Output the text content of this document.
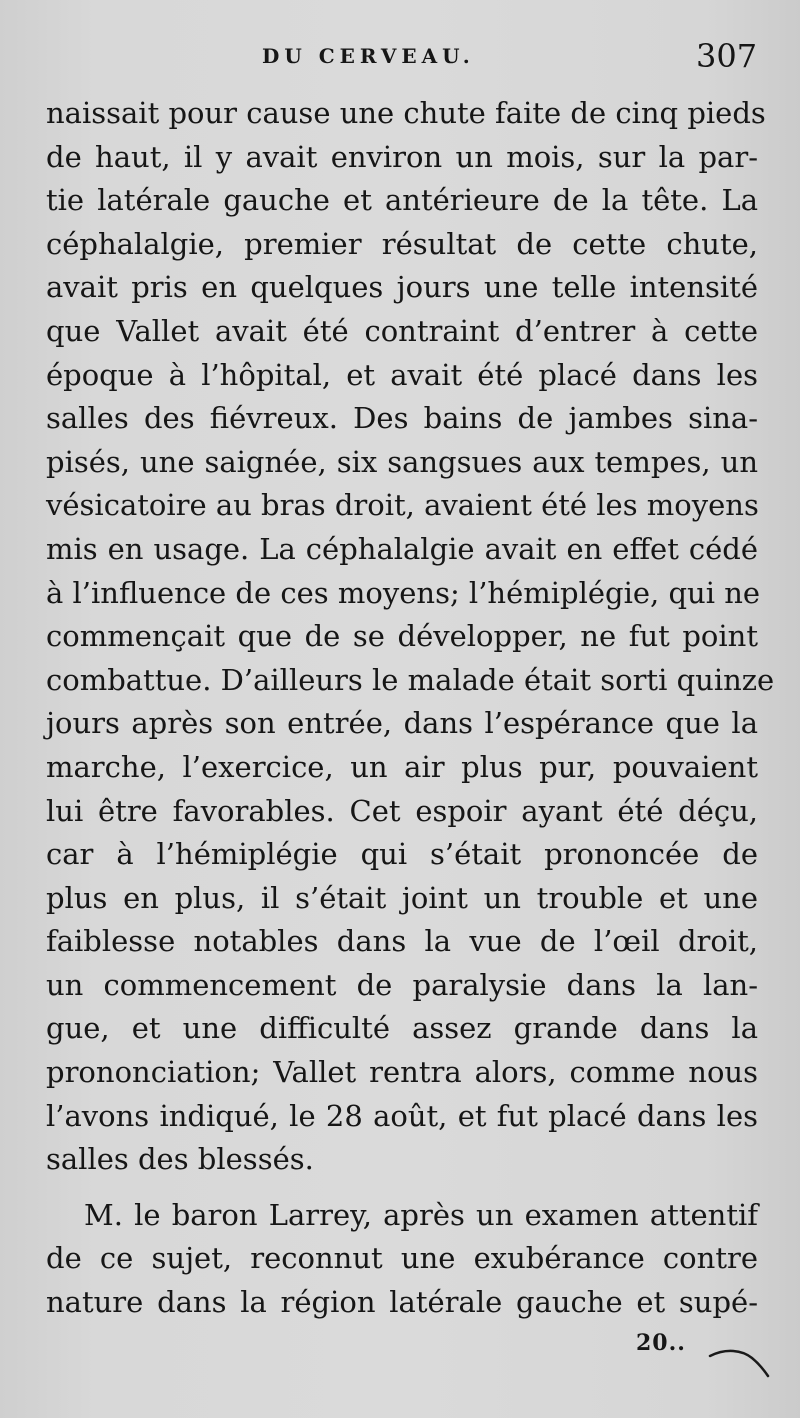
DU CERVEAU.	307
naissait pour cause une chute faite de cinq pieds
de haut, il y avait environ un mois, sur la par-
tie latérale gauche et antérieure de la tête. La
céphalalgie, premier résultat de cette chute,
avait pris en quelques jours une telle intensité
que Vallet avait été contraint d’entrer à cette
époque à l’hôpital, et avait été placé dans les
salles des fiévreux. Des bains de jambes sina-
pisés, une saignée, six sangsues aux tempes, un
vésicatoire au bras droit, avaient été les moyens
mis en usage. La céphalalgie avait en effet cédé
à l’influence de ces moyens; l’hémiplégie, qui ne
commençait que de se développer, ne fut point
combattue. D’ailleurs le malade était sorti quinze
jours après son entrée, dans l’espérance que la
marche, l’exercice, un air plus pur, pouvaient
lui être favorables. Cet espoir ayant été déçu,
car à l’hémiplégie qui s’était prononcée de
plus en plus, il s’était joint un trouble et une
faiblesse notables dans la vue de l’œil droit,
un commencement de paralysie dans la lan-
gue, et une difficulté assez grande dans la
prononciation; Vallet rentra alors, comme nous
l’avons indiqué, le 28 août, et fut placé dans les
salles des blessés.
M. le baron Larrey, après un examen attentif
de ce sujet, reconnut une exubérance contre
nature dans la région latérale gauche et supé-
20..
